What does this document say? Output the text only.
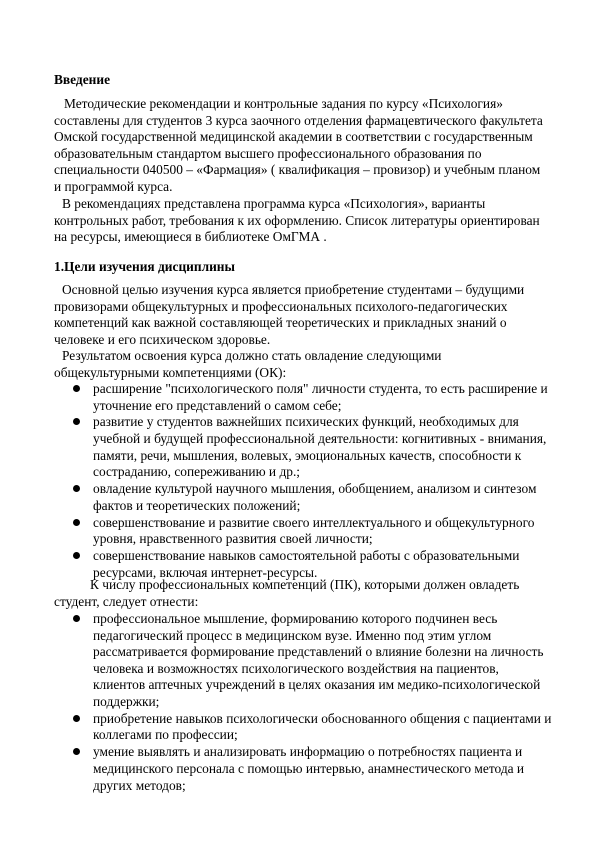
Введение

Методические рекомендации и контрольные задания по курсу «Психология» составлены для студентов 3 курса заочного отделения фармацевтического факультета Омской государственной медицинской академии в соответствии с государственным образовательным стандартом высшего профессионального образования по специальности 040500 – «Фармация» ( квалификация – провизор) и учебным планом и программой курса.

В рекомендациях представлена программа курса «Психология», варианты контрольных работ, требования к их оформлению. Список литературы ориентирован на ресурсы, имеющиеся в библиотеке ОмГМА .

1.Цели изучения дисциплины

Основной целью изучения курса является приобретение студентами – будущими провизорами общекультурных и профессиональных психолого-педагогических компетенций как важной составляющей теоретических и прикладных знаний о человеке и его психическом здоровье.

Результатом освоения курса должно стать овладение следующими общекультурными компетенциями (ОК):

расширение "психологического поля" личности студента, то есть расширение и уточнение его представлений о самом себе;
развитие у студентов важнейших психических функций, необходимых для учебной и будущей профессиональной деятельности: когнитивных - внимания, памяти, речи, мышления, волевых, эмоциональных качеств, способности к состраданию, сопереживанию и др.;
овладение культурой научного мышления, обобщением, анализом и синтезом фактов и теоретических положений;
совершенствование и развитие своего интеллектуального и общекультурного уровня, нравственного развития своей личности;
совершенствование навыков самостоятельной работы с образовательными ресурсами, включая интернет-ресурсы.

К числу профессиональных компетенций (ПК), которыми должен овладеть студент, следует отнести:

профессиональное мышление, формированию которого подчинен весь педагогический процесс в медицинском вузе. Именно под этим углом рассматривается формирование представлений о влияние болезни на личность человека и возможностях психологического воздействия на пациентов, клиентов аптечных учреждений в целях оказания им медико-психологической поддержки;
приобретение навыков психологически обоснованного общения с пациентами и коллегами по профессии;
умение выявлять и анализировать информацию о потребностях пациента и медицинского персонала с помощью интервью, анамнестического метода и других методов;
